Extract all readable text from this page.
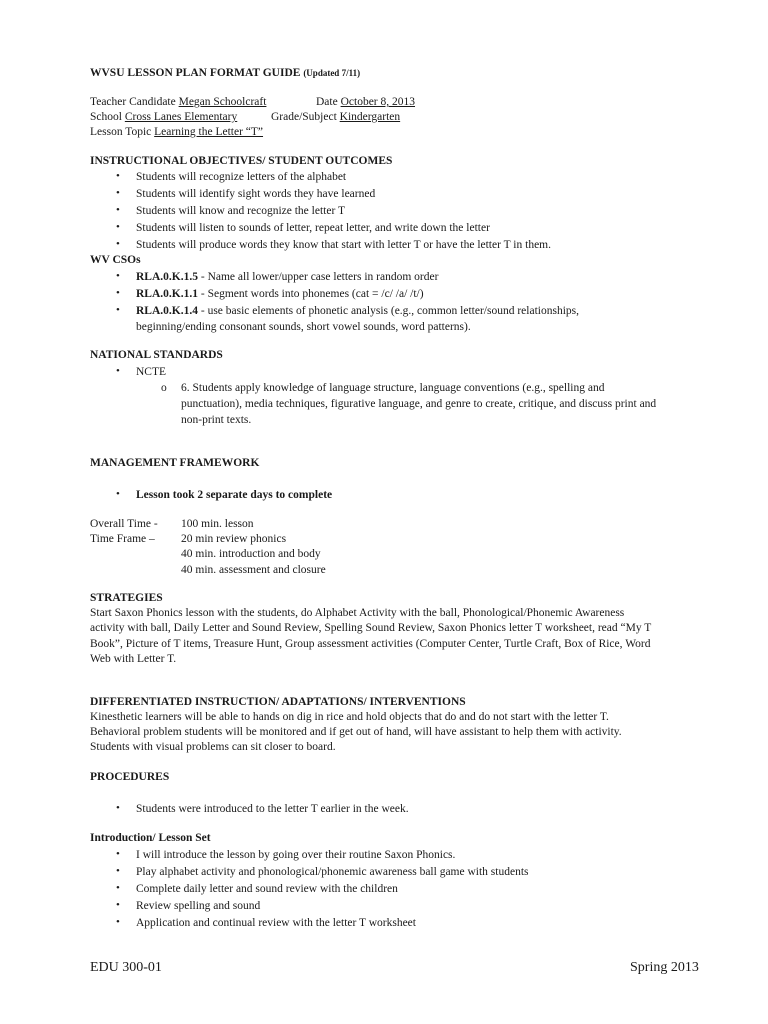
WVSU LESSON PLAN FORMAT GUIDE (Updated 7/11)
Teacher Candidate Megan Schoolcraft	Date October 8, 2013
School Cross Lanes Elementary	Grade/Subject Kindergarten
Lesson Topic Learning the Letter “T”
INSTRUCTIONAL OBJECTIVES/ STUDENT OUTCOMES
• Students will recognize letters of the alphabet
• Students will identify sight words they have learned
• Students will know and recognize the letter T
• Students will listen to sounds of letter, repeat letter, and write down the letter
• Students will produce words they know that start with letter T or have the letter T in them.
WV CSOs
• RLA.0.K.1.5 - Name all lower/upper case letters in random order
• RLA.0.K.1.1 - Segment words into phonemes (cat = /c/ /a/ /t/)
• RLA.0.K.1.4 - use basic elements of phonetic analysis (e.g., common letter/sound relationships,
beginning/ending consonant sounds, short vowel sounds, word patterns).
NATIONAL STANDARDS
• NCTE
o 6. Students apply knowledge of language structure, language conventions (e.g., spelling and
punctuation), media techniques, figurative language, and genre to create, critique, and discuss print and
non-print texts.
MANAGEMENT FRAMEWORK
• Lesson took 2 separate days to complete
Overall Time - 100 min. lesson
Time Frame – 20 min review phonics
40 min. introduction and body
40 min. assessment and closure
STRATEGIES
Start Saxon Phonics lesson with the students, do Alphabet Activity with the ball, Phonological/Phonemic Awareness
activity with ball, Daily Letter and Sound Review, Spelling Sound Review, Saxon Phonics letter T worksheet, read “My T
Book”, Picture of T items, Treasure Hunt, Group assessment activities (Computer Center, Turtle Craft, Box of Rice, Word
Web with Letter T.
DIFFERENTIATED INSTRUCTION/ ADAPTATIONS/ INTERVENTIONS
Kinesthetic learners will be able to hands on dig in rice and hold objects that do and do not start with the letter T.
Behavioral problem students will be monitored and if get out of hand, will have assistant to help them with activity.
Students with visual problems can sit closer to board.
PROCEDURES
• Students were introduced to the letter T earlier in the week.
Introduction/ Lesson Set
• I will introduce the lesson by going over their routine Saxon Phonics.
• Play alphabet activity and phonological/phonemic awareness ball game with students
• Complete daily letter and sound review with the children
• Review spelling and sound
• Application and continual review with the letter T worksheet
EDU 300-01	Spring 2013
